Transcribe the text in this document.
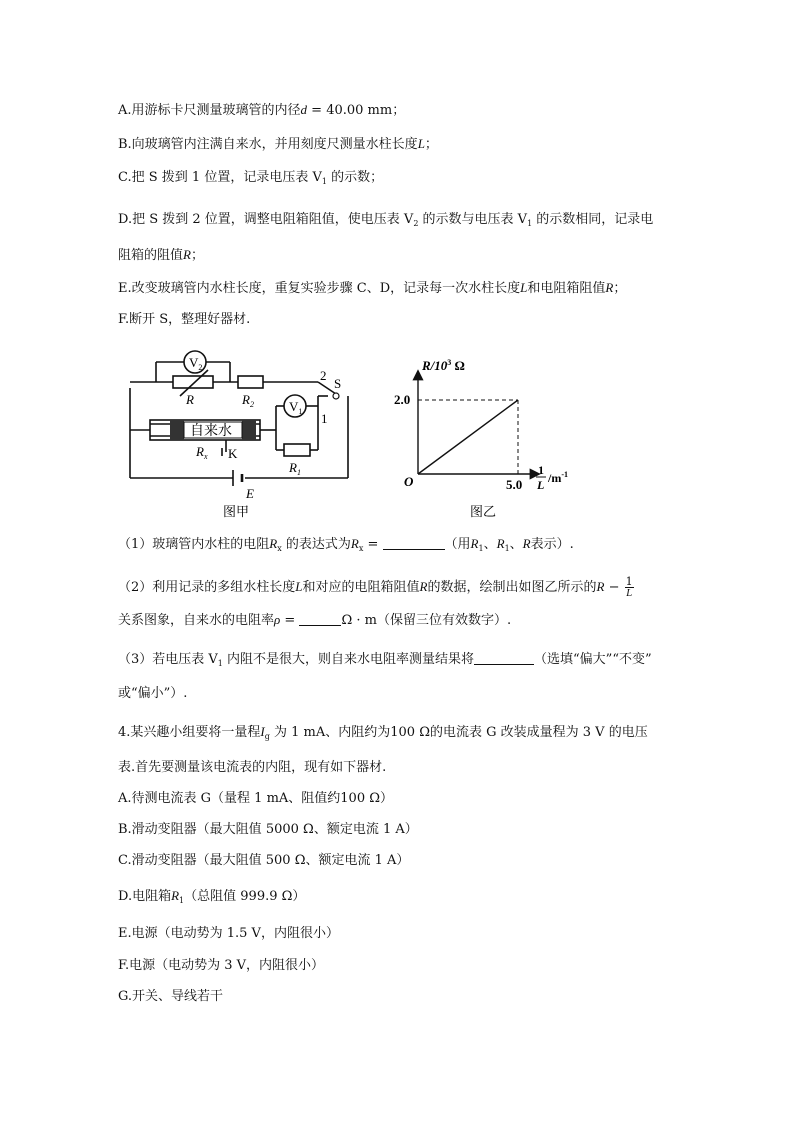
A.用游标卡尺测量玻璃管的内径d = 40.00 mm；
B.向玻璃管内注满自来水，并用刻度尺测量水柱长度L；
C.把 S 拨到 1 位置，记录电压表 $V_1$ 的示数；
D.把 S 拨到 2 位置，调整电阻箱阻值，使电压表 $V_2$ 的示数与电压表 $V_1$ 的示数相同，记录电
阻箱的阻值R；
E.改变玻璃管内水柱长度，重复实验步骤 C、D，记录每一次水柱长度L和电阻箱阻值R；
F.断开 S，整理好器材.
$V_2$
$V_1$
R	$R_2$
$R_1$
自来水
$R_x$ K
E
S
2
1
图甲
2.0
5.0
$R/10^3$ Ω
O
1
L $/m^{-1}$
图乙
（1）玻璃管内水柱的电阻$R_x$ 的表达式为$R_x$ =	（用$R_1$、$R_1$、R表示）.
（2）利用记录的多组水柱长度L和对应的电阻箱阻值R的数据，绘制出如图乙所示的$R - \frac{1}{L}$
关系图象，自来水的电阻率ρ =	Ω · m（保留三位有效数字）.
（3）若电压表 $V_1$ 内阻不是很大，则自来水电阻率测量结果将	（选填“偏大”“不变”
或“偏小”）.
4.某兴趣小组要将一量程$I_g$ 为 1 mA、内阻约为100 Ω的电流表 G 改装成量程为 3 V 的电压
表.首先要测量该电流表的内阻，现有如下器材.
A.待测电流表 G（量程 1 mA、阻值约100 Ω）
B.滑动变阻器（最大阻值 5000 Ω、额定电流 1 A）
C.滑动变阻器（最大阻值 500 Ω、额定电流 1 A）
D.电阻箱$R_1$（总阻值 999.9 Ω）
E.电源（电动势为 1.5 V，内阻很小）
F.电源（电动势为 3 V，内阻很小）
G.开关、导线若干
